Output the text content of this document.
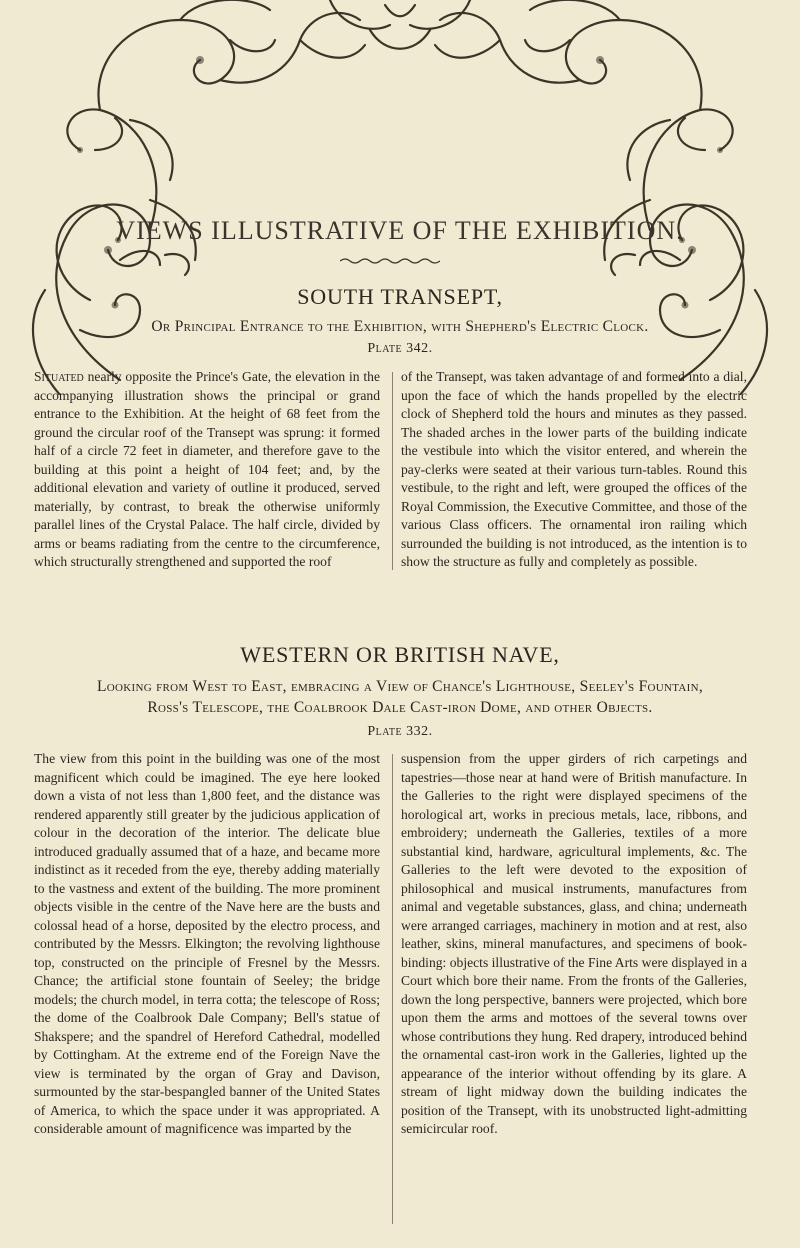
VIEWS ILLUSTRATIVE OF THE EXHIBITION.
SOUTH TRANSEPT,
Or Principal Entrance to the Exhibition, with Shepherd's Electric Clock.
Plate 342.
Situated nearly opposite the Prince's Gate, the elevation in the accompanying illustration shows the principal or grand entrance to the Exhibition. At the height of 68 feet from the ground the circular roof of the Transept was sprung: it formed half of a circle 72 feet in diameter, and therefore gave to the building at this point a height of 104 feet; and, by the additional elevation and variety of outline it produced, served materially, by contrast, to break the otherwise uniformly parallel lines of the Crystal Palace. The half circle, divided by arms or beams radiating from the centre to the circumference, which structurally strengthened and supported the roof
of the Transept, was taken advantage of and formed into a dial, upon the face of which the hands propelled by the electric clock of Shepherd told the hours and minutes as they passed. The shaded arches in the lower parts of the building indicate the vestibule into which the visitor entered, and wherein the pay-clerks were seated at their various turn-tables. Round this vestibule, to the right and left, were grouped the offices of the Royal Commission, the Executive Committee, and those of the various Class officers. The ornamental iron railing which surrounded the building is not introduced, as the intention is to show the structure as fully and completely as possible.
WESTERN OR BRITISH NAVE,
Looking from West to East, embracing a View of Chance's Lighthouse, Seeley's Fountain,
Ross's Telescope, the Coalbrook Dale Cast-iron Dome, and other Objects.
Plate 332.
The view from this point in the building was one of the most magnificent which could be imagined. The eye here looked down a vista of not less than 1,800 feet, and the distance was rendered apparently still greater by the judicious application of colour in the decoration of the interior. The delicate blue introduced gradually assumed that of a haze, and became more indistinct as it receded from the eye, thereby adding materially to the vastness and extent of the building. The more prominent objects visible in the centre of the Nave here are the busts and colossal head of a horse, deposited by the electro process, and contributed by the Messrs. Elkington; the revolving lighthouse top, constructed on the principle of Fresnel by the Messrs. Chance; the artificial stone fountain of Seeley; the bridge models; the church model, in terra cotta; the telescope of Ross; the dome of the Coalbrook Dale Company; Bell's statue of Shakspere; and the spandrel of Hereford Cathedral, modelled by Cottingham. At the extreme end of the Foreign Nave the view is terminated by the organ of Gray and Davison, surmounted by the star-bespangled banner of the United States of America, to which the space under it was appropriated. A considerable amount of magnificence was imparted by the
suspension from the upper girders of rich carpetings and tapestries—those near at hand were of British manufacture. In the Galleries to the right were displayed specimens of the horological art, works in precious metals, lace, ribbons, and embroidery; underneath the Galleries, textiles of a more substantial kind, hardware, agricultural implements, &c. The Galleries to the left were devoted to the exposition of philosophical and musical instruments, manufactures from animal and vegetable substances, glass, and china; underneath were arranged carriages, machinery in motion and at rest, also leather, skins, mineral manufactures, and specimens of book-binding: objects illustrative of the Fine Arts were displayed in a Court which bore their name. From the fronts of the Galleries, down the long perspective, banners were projected, which bore upon them the arms and mottoes of the several towns over whose contributions they hung. Red drapery, introduced behind the ornamental cast-iron work in the Galleries, lighted up the appearance of the interior without offending by its glare. A stream of light midway down the building indicates the position of the Transept, with its unobstructed light-admitting semicircular roof.
